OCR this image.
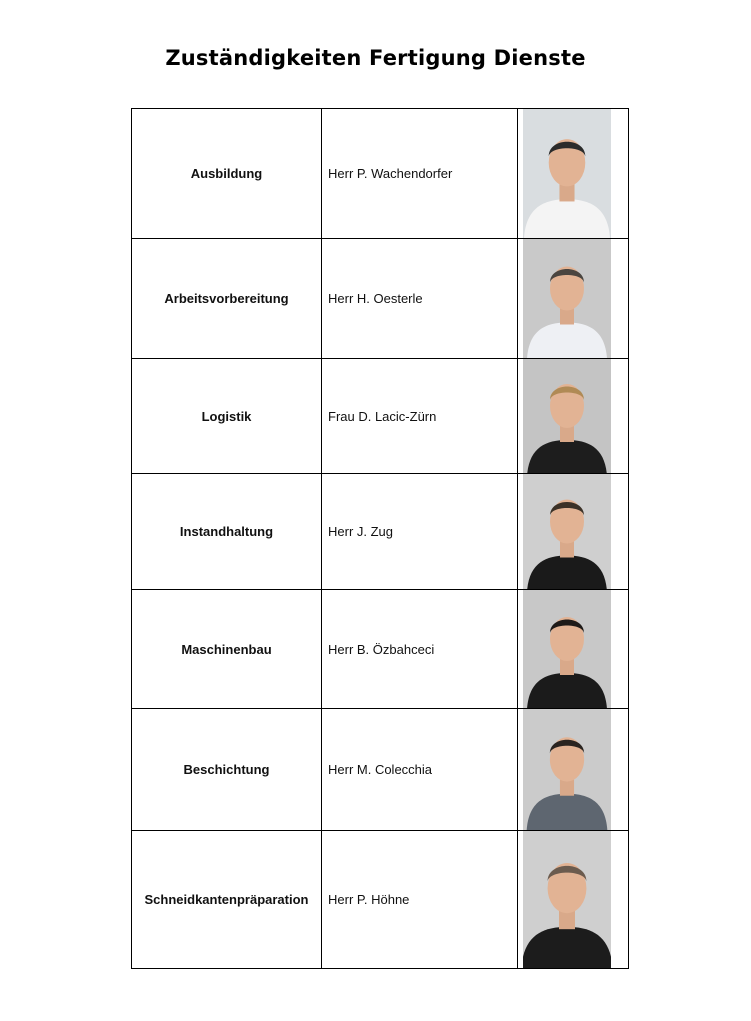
Zuständigkeiten Fertigung Dienste
Ausbildung	Herr P. Wachendorfer	

Arbeitsvorbereitung	Herr H. Oesterle	

Logistik	Frau D. Lacic-Zürn	

Instandhaltung	Herr J. Zug	

Maschinenbau	Herr B. Özbahceci	

Beschichtung	Herr M. Colecchia	

Schneidkantenpräparation	Herr P. Höhne	
